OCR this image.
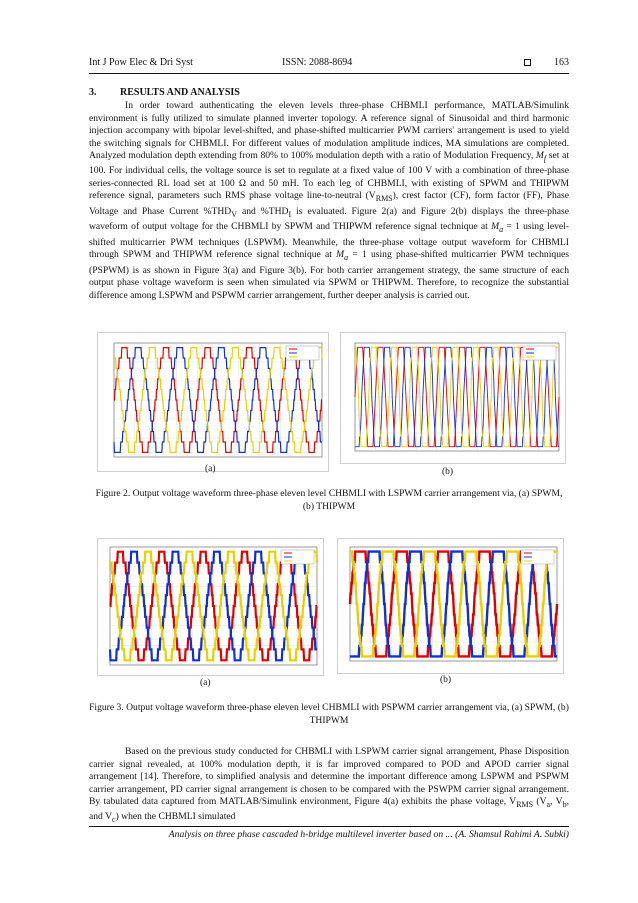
Int J Pow Elec & Dri Syst	ISSN: 2088-8694	163
3. RESULTS AND ANALYSIS

In order toward authenticating the eleven levels three-phase CHBMLI performance, MATLAB/Simulink environment is fully utilized to simulate planned inverter topology. A reference signal of Sinusoidal and third harmonic injection accompany with bipolar level-shifted, and phase-shifted multicarrier PWM carriers' arrangement is used to yield the switching signals for CHBMLI. For different values of modulation amplitude indices, MA simulations are completed. Analyzed modulation depth extending from 80% to 100% modulation depth with a ratio of Modulation Frequency, $M_f$ set at 100. For individual cells, the voltage source is set to regulate at a fixed value of 100 V with a combination of three-phase series-connected RL load set at 100 Ω and 50 mH. To each leg of CHBMLI, with existing of SPWM and THIPWM reference signal, parameters such RMS phase voltage line-to-neutral $(V_{RMS})$, crest factor (CF), form factor (FF), Phase Voltage and Phase Current $\%THD_V$ and $\%THD_I$ is evaluated. Figure 2(a) and Figure 2(b) displays the three-phase waveform of output voltage for the CHBMLI by SPWM and THIPWM reference signal technique at $M_a = 1$ using level-shifted multicarrier PWM techniques (LSPWM). Meanwhile, the three-phase voltage output waveform for CHBMLI through SPWM and THIPWM reference signal technique at $M_a = 1$ using phase-shifted multicarrier PWM techniques (PSPWM) is as shown in Figure 3(a) and Figure 3(b). For both carrier arrangement strategy, the same structure of each output phase voltage waveform is seen when simulated via SPWM or THIPWM. Therefore, to recognize the substantial difference among LSPWM and PSPWM carrier arrangement, further deeper analysis is carried out.

(a)	(b)
Figure 2. Output voltage waveform three-phase eleven level CHBMLI with LSPWM carrier arrangement via, (a) SPWM, (b) THIPWM
(a)	(b)
Figure 3. Output voltage waveform three-phase eleven level CHBMLI with PSPWM carrier arrangement via, (a) SPWM, (b) THIPWM

Based on the previous study conducted for CHBMLI with LSPWM carrier signal arrangement, Phase Disposition carrier signal revealed, at 100% modulation depth, it is far improved compared to POD and APOD carrier signal arrangement [14]. Therefore, to simplified analysis and determine the important difference among LSPWM and PSPWM carrier arrangement, PD carrier signal arrangement is chosen to be compared with the PSWPM carrier signal arrangement. By tabulated data captured from MATLAB/Simulink environment, Figure 4(a) exhibits the phase voltage, $V_{RMS}$ ($V_a$, $V_b$, and $V_c$) when the CHBMLI simulated

Analysis on three phase cascaded h-bridge multilevel inverter based on ... (A. Shamsul Rahimi A. Subki)
